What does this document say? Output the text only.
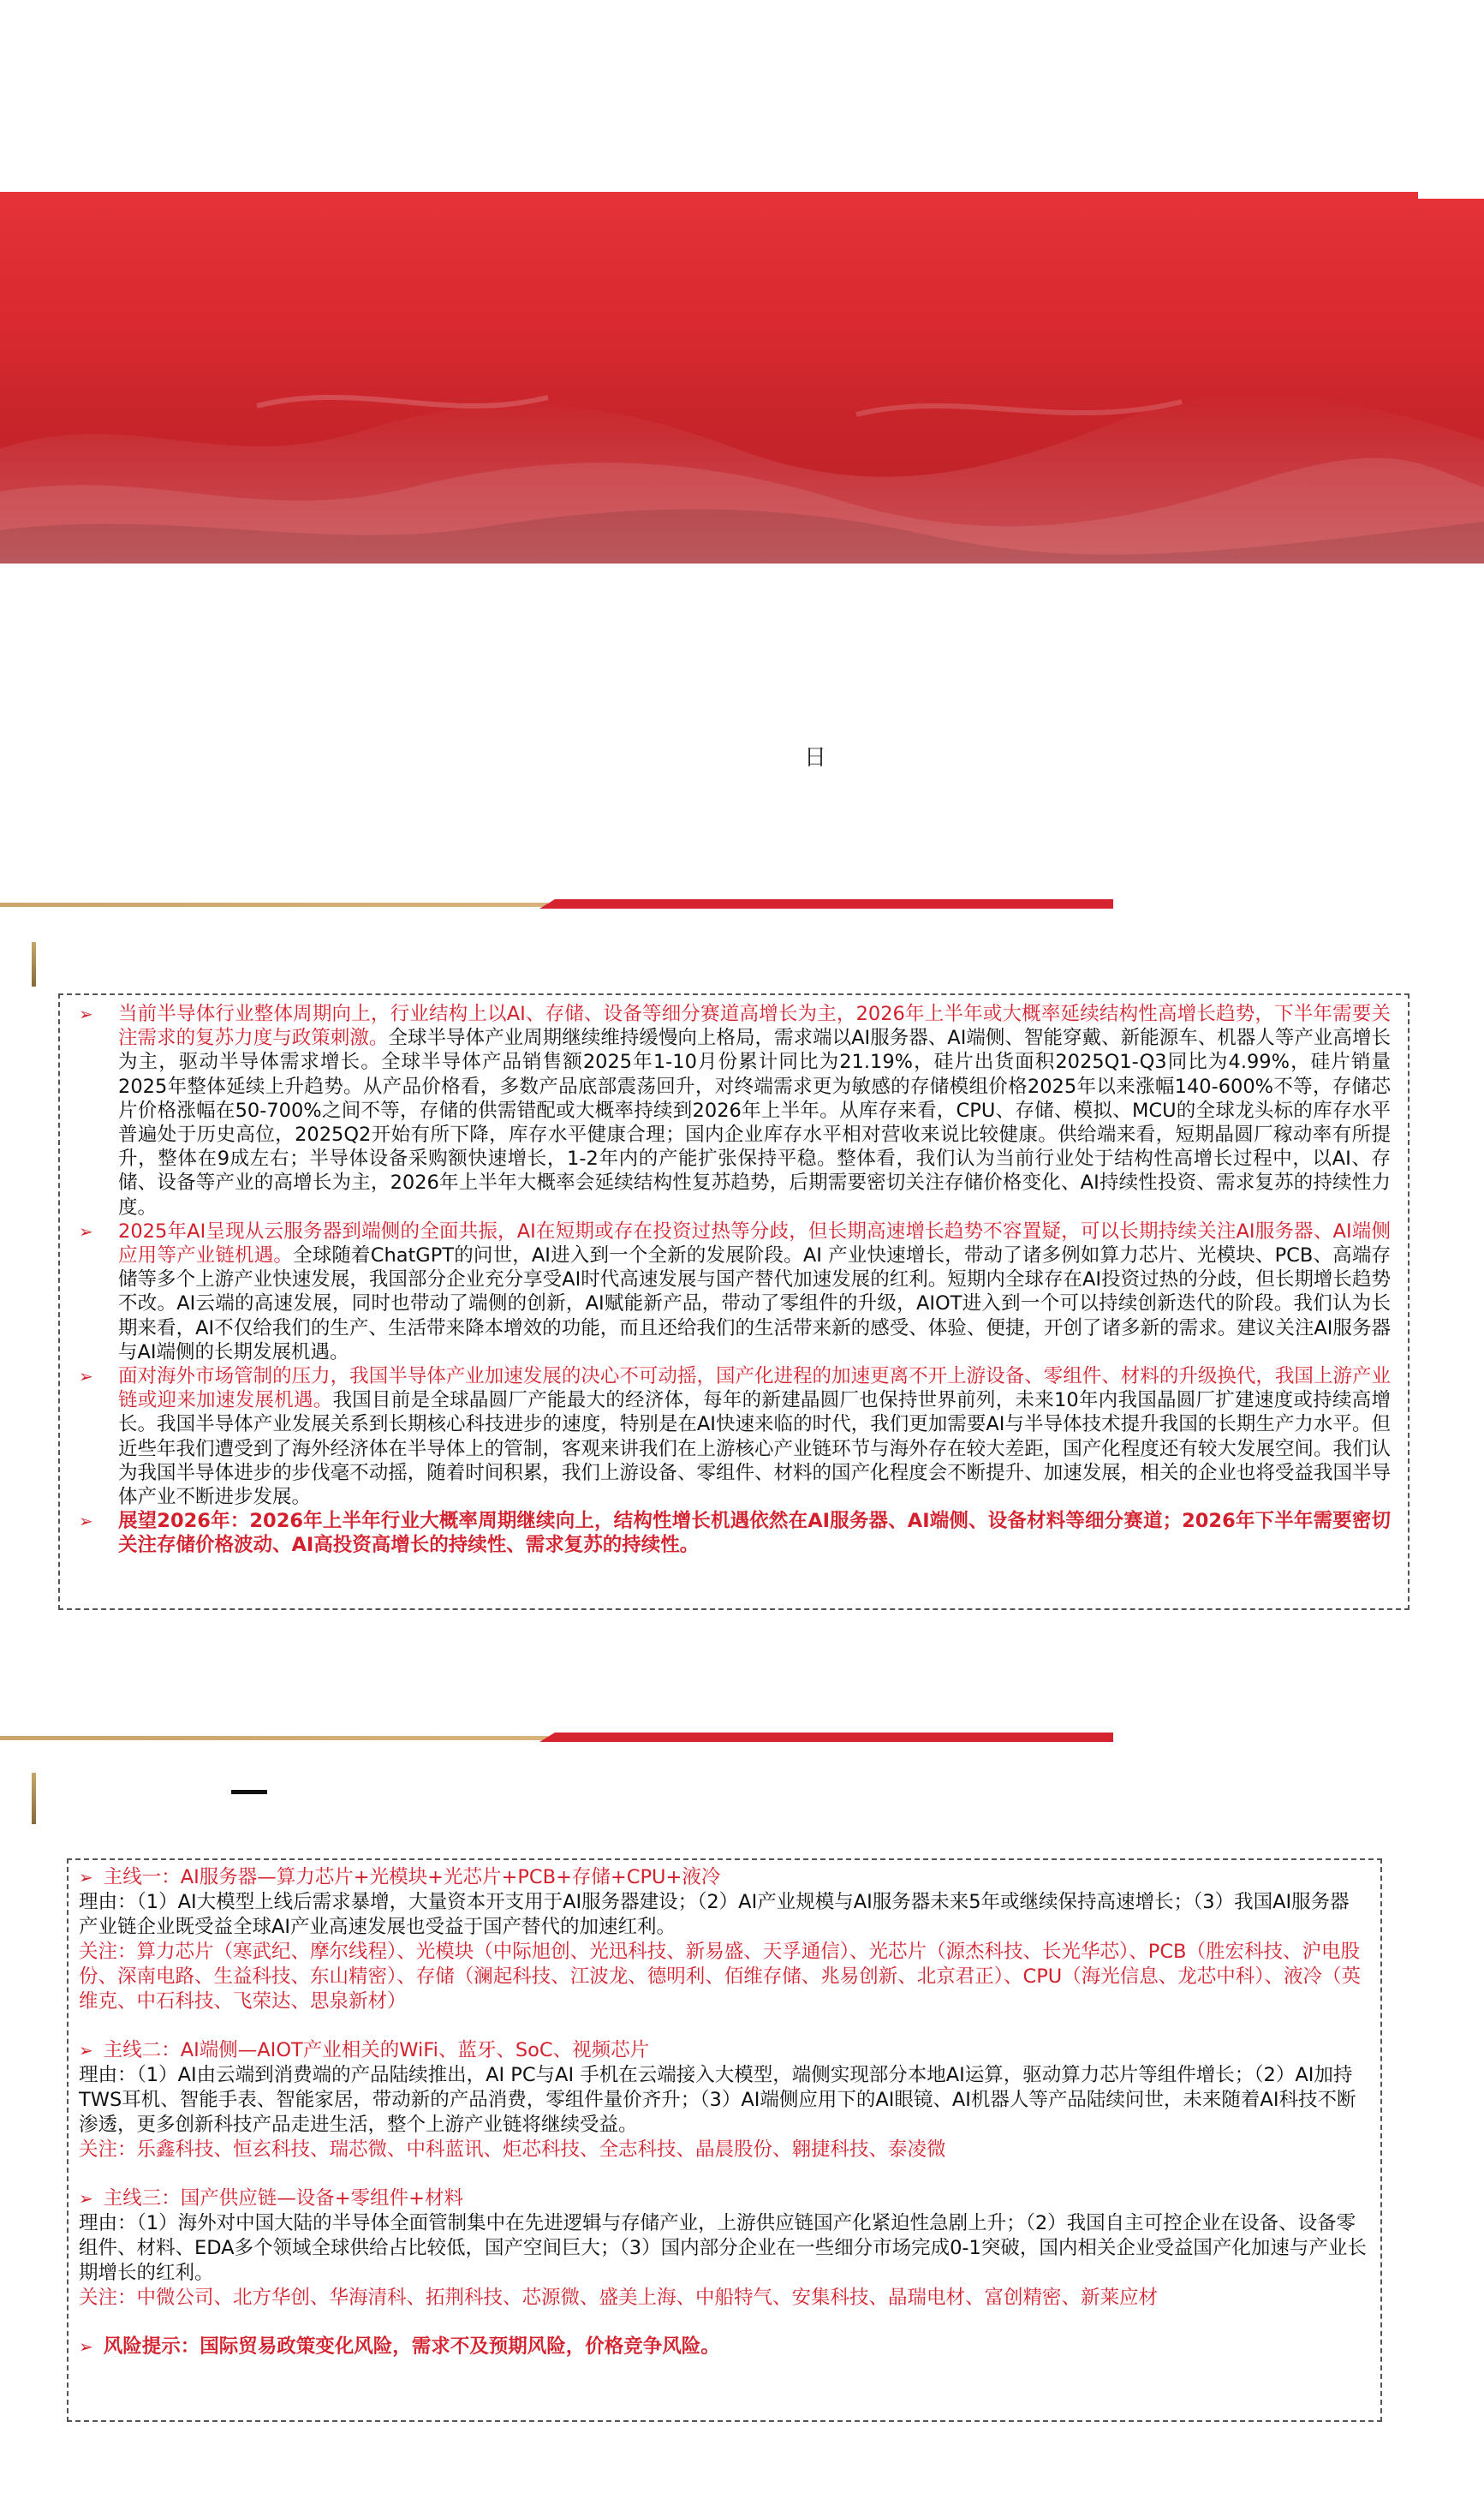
日
➢ 当前半导体行业整体周期向上，行业结构上以AI、存储、设备等细分赛道高增长为主，2026年上半年或大概率延续结构性高增长趋势，下半年需要关注需求的复苏力度与政策刺激。全球半导体产业周期继续维持缓慢向上格局，需求端以AI服务器、AI端侧、智能穿戴、新能源车、机器人等产业高增长为主，驱动半导体需求增长。全球半导体产品销售额2025年1-10月份累计同比为21.19%，硅片出货面积2025Q1-Q3同比为4.99%，硅片销量2025年整体延续上升趋势。从产品价格看，多数产品底部震荡回升，对终端需求更为敏感的存储模组价格2025年以来涨幅140-600%不等，存储芯片价格涨幅在50-700%之间不等，存储的供需错配或大概率持续到2026年上半年。从库存来看，CPU、存储、模拟、MCU的全球龙头标的库存水平普遍处于历史高位，2025Q2开始有所下降，库存水平健康合理；国内企业库存水平相对营收来说比较健康。供给端来看，短期晶圆厂稼动率有所提升，整体在9成左右；半导体设备采购额快速增长，1-2年内的产能扩张保持平稳。整体看，我们认为当前行业处于结构性高增长过程中，以AI、存储、设备等产业的高增长为主，2026年上半年大概率会延续结构性复苏趋势，后期需要密切关注存储价格变化、AI持续性投资、需求复苏的持续性力度。
➢ 2025年AI呈现从云服务器到端侧的全面共振，AI在短期或存在投资过热等分歧，但长期高速增长趋势不容置疑，可以长期持续关注AI服务器、AI端侧应用等产业链机遇。全球随着ChatGPT的问世，AI进入到一个全新的发展阶段。AI 产业快速增长，带动了诸多例如算力芯片、光模块、PCB、高端存储等多个上游产业快速发展，我国部分企业充分享受AI时代高速发展与国产替代加速发展的红利。短期内全球存在AI投资过热的分歧，但长期增长趋势不改。AI云端的高速发展，同时也带动了端侧的创新，AI赋能新产品，带动了零组件的升级，AIOT进入到一个可以持续创新迭代的阶段。我们认为长期来看，AI不仅给我们的生产、生活带来降本增效的功能，而且还给我们的生活带来新的感受、体验、便捷，开创了诸多新的需求。建议关注AI服务器与AI端侧的长期发展机遇。
➢ 面对海外市场管制的压力，我国半导体产业加速发展的决心不可动摇，国产化进程的加速更离不开上游设备、零组件、材料的升级换代，我国上游产业链或迎来加速发展机遇。我国目前是全球晶圆厂产能最大的经济体，每年的新建晶圆厂也保持世界前列，未来10年内我国晶圆厂扩建速度或持续高增长。我国半导体产业发展关系到长期核心科技进步的速度，特别是在AI快速来临的时代，我们更加需要AI与半导体技术提升我国的长期生产力水平。但近些年我们遭受到了海外经济体在半导体上的管制，客观来讲我们在上游核心产业链环节与海外存在较大差距，国产化程度还有较大发展空间。我们认为我国半导体进步的步伐毫不动摇，随着时间积累，我们上游设备、零组件、材料的国产化程度会不断提升、加速发展，相关的企业也将受益我国半导体产业不断进步发展。
➢ 展望2026年：2026年上半年行业大概率周期继续向上，结构性增长机遇依然在AI服务器、AI端侧、设备材料等细分赛道；2026年下半年需要密切关注存储价格波动、AI高投资高增长的持续性、需求复苏的持续性。
➢ 主线一：AI服务器—算力芯片+光模块+光芯片+PCB+存储+CPU+液冷
理由：（1）AI大模型上线后需求暴增，大量资本开支用于AI服务器建设；（2）AI产业规模与AI服务器未来5年或继续保持高速增长；（3）我国AI服务器产业链企业既受益全球AI产业高速发展也受益于国产替代的加速红利。
关注：算力芯片（寒武纪、摩尔线程）、光模块（中际旭创、光迅科技、新易盛、天孚通信）、光芯片（源杰科技、长光华芯）、PCB（胜宏科技、沪电股份、深南电路、生益科技、东山精密）、存储（澜起科技、江波龙、德明利、佰维存储、兆易创新、北京君正）、CPU（海光信息、龙芯中科）、液冷（英维克、中石科技、飞荣达、思泉新材）
➢ 主线二：AI端侧—AIOT产业相关的WiFi、蓝牙、SoC、视频芯片
理由：（1）AI由云端到消费端的产品陆续推出，AI PC与AI 手机在云端接入大模型，端侧实现部分本地AI运算，驱动算力芯片等组件增长；（2）AI加持TWS耳机、智能手表、智能家居，带动新的产品消费，零组件量价齐升；（3）AI端侧应用下的AI眼镜、AI机器人等产品陆续问世，未来随着AI科技不断渗透，更多创新科技产品走进生活，整个上游产业链将继续受益。
关注：乐鑫科技、恒玄科技、瑞芯微、中科蓝讯、炬芯科技、全志科技、晶晨股份、翱捷科技、泰凌微
➢ 主线三：国产供应链—设备+零组件+材料
理由：（1）海外对中国大陆的半导体全面管制集中在先进逻辑与存储产业，上游供应链国产化紧迫性急剧上升；（2）我国自主可控企业在设备、设备零组件、材料、EDA多个领域全球供给占比较低，国产空间巨大；（3）国内部分企业在一些细分市场完成0-1突破，国内相关企业受益国产化加速与产业长期增长的红利。
关注：中微公司、北方华创、华海清科、拓荆科技、芯源微、盛美上海、中船特气、安集科技、晶瑞电材、富创精密、新莱应材
➢ 风险提示：国际贸易政策变化风险，需求不及预期风险，价格竞争风险。
